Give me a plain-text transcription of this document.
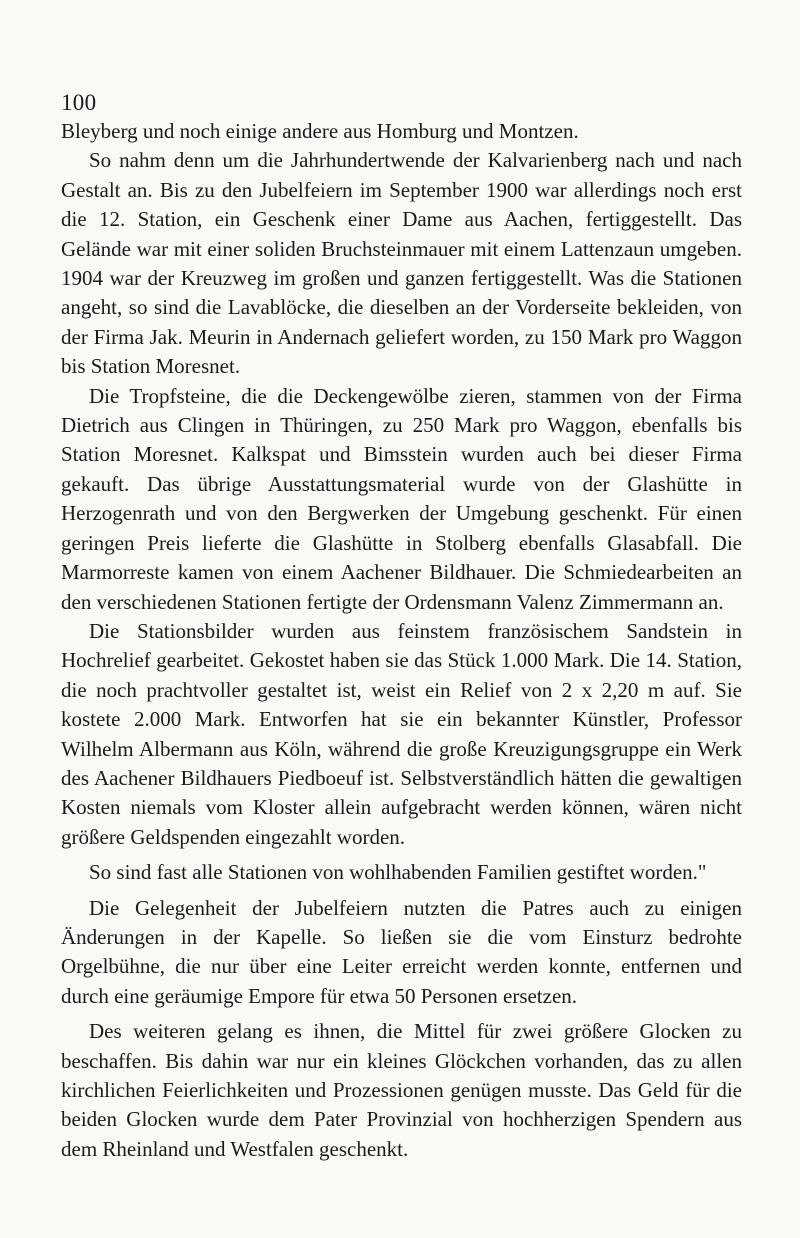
100

Bleyberg und noch einige andere aus Homburg und Montzen.

So nahm denn um die Jahrhundertwende der Kalvarienberg nach und nach Gestalt an. Bis zu den Jubelfeiern im September 1900 war allerdings noch erst die 12. Station, ein Geschenk einer Dame aus Aachen, fertiggestellt. Das Gelände war mit einer soliden Bruchsteinmauer mit einem Lattenzaun umgeben. 1904 war der Kreuzweg im großen und ganzen fertiggestellt. Was die Stationen angeht, so sind die Lavablöcke, die dieselben an der Vorderseite bekleiden, von der Firma Jak. Meurin in Andernach geliefert worden, zu 150 Mark pro Waggon bis Station Moresnet.

Die Tropfsteine, die die Deckengewölbe zieren, stammen von der Firma Dietrich aus Clingen in Thüringen, zu 250 Mark pro Waggon, ebenfalls bis Station Moresnet. Kalkspat und Bimsstein wurden auch bei dieser Firma gekauft. Das übrige Ausstattungsmaterial wurde von der Glashütte in Herzogenrath und von den Bergwerken der Umgebung geschenkt. Für einen geringen Preis lieferte die Glashütte in Stolberg ebenfalls Glasabfall. Die Marmorreste kamen von einem Aachener Bildhauer. Die Schmiedearbeiten an den verschiedenen Stationen fertigte der Ordensmann Valenz Zimmermann an.

Die Stationsbilder wurden aus feinstem französischem Sandstein in Hochrelief gearbeitet. Gekostet haben sie das Stück 1.000 Mark. Die 14. Station, die noch prachtvoller gestaltet ist, weist ein Relief von 2 x 2,20 m auf. Sie kostete 2.000 Mark. Entworfen hat sie ein bekannter Künstler, Professor Wilhelm Albermann aus Köln, während die große Kreuzigungsgruppe ein Werk des Aachener Bildhauers Piedboeuf ist. Selbstverständlich hätten die gewaltigen Kosten niemals vom Kloster allein aufgebracht werden können, wären nicht größere Geldspenden eingezahlt worden.

So sind fast alle Stationen von wohlhabenden Familien gestiftet worden."

Die Gelegenheit der Jubelfeiern nutzten die Patres auch zu einigen Änderungen in der Kapelle. So ließen sie die vom Einsturz bedrohte Orgelbühne, die nur über eine Leiter erreicht werden konnte, entfernen und durch eine geräumige Empore für etwa 50 Personen ersetzen.

Des weiteren gelang es ihnen, die Mittel für zwei größere Glocken zu beschaffen. Bis dahin war nur ein kleines Glöckchen vorhanden, das zu allen kirchlichen Feierlichkeiten und Prozessionen genügen musste. Das Geld für die beiden Glocken wurde dem Pater Provinzial von hochherzigen Spendern aus dem Rheinland und Westfalen geschenkt.
